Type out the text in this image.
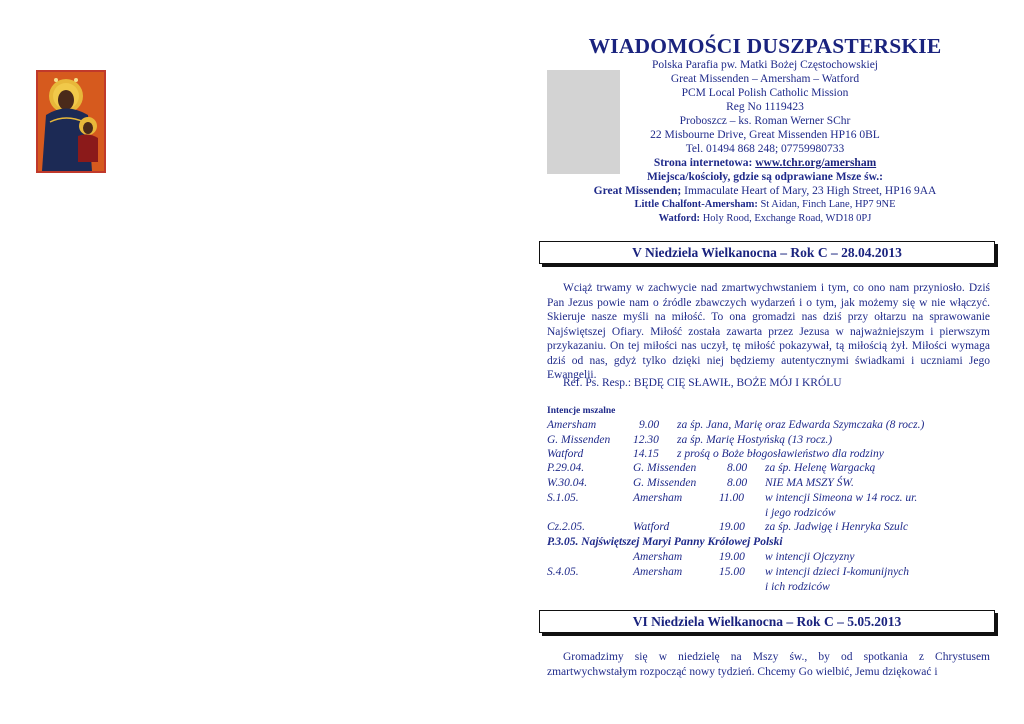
WIADOMOŚCI DUSZPASTERSKIE
Polska Parafia pw. Matki Bożej Częstochowskiej
Great Missenden – Amersham – Watford
PCM Local Polish Catholic Mission
Reg No 1119423
Proboszcz – ks. Roman Werner SChr
22 Misbourne Drive, Great Missenden HP16 0BL
Tel. 01494 868 248; 07759980733
Strona internetowa: www.tchr.org/amersham
Miejsca/kościoły, gdzie są odprawiane Msze św.:
Great Missenden; Immaculate Heart of Mary, 23 High Street, HP16 9AA
Little Chalfont-Amersham: St Aidan, Finch Lane, HP7 9NE
Watford: Holy Rood, Exchange Road, WD18 0PJ
V Niedziela Wielkanocna – Rok C – 28.04.2013
Wciąż trwamy w zachwycie nad zmartwychwstaniem i tym, co ono nam przyniosło. Dziś Pan Jezus powie nam o źródle zbawczych wydarzeń i o tym, jak możemy się w nie włączyć. Skieruje nasze myśli na miłość. To ona gromadzi nas dziś przy ołtarzu na sprawowanie Najświętszej Ofiary. Miłość została zawarta przez Jezusa w najważniejszym i pierwszym przykazaniu. On tej miłości nas uczył, tę miłość pokazywał, tą miłością żył. Miłości wymaga dziś od nas, gdyż tylko dzięki niej będziemy autentycznymi świadkami i uczniami Jego Ewangelii.
Ref. Ps. Resp.: BĘDĘ CIĘ SŁAWIŁ, BOŻE MÓJ I KRÓLU
Intencje mszalne
Amersham	9.00 za śp. Jana, Marię oraz Edwarda Szymczaka (8 rocz.)
G. Missenden 12.30 za śp. Marię Hostyńską (13 rocz.)
Watford	14.15 z prośą o Boże błogosławieństwo dla rodziny
P.29.04.	G. Missenden	8.00 za śp. Helenę Wargacką
W.30.04.	G. Missenden	8.00 NIE MA MSZY ŚW.
S.1.05.	Amersham	11.00 w intencji Simeona w 14 rocz. ur.
i jego rodziców
Cz.2.05.	Watford	19.00 za śp. Jadwigę i Henryka Szulc
P.3.05. Najświętszej Maryi Panny Królowej Polski
Amersham	19.00 w intencji Ojczyzny
S.4.05.	Amersham	15.00 w intencji dzieci I-komunijnych
i ich rodziców
VI Niedziela Wielkanocna – Rok C – 5.05.2013
Gromadzimy się w niedzielę na Mszy św., by od spotkania z Chrystusem zmartwychwstałym rozpocząć nowy tydzień. Chcemy Go wielbić, Jemu dziękować i
